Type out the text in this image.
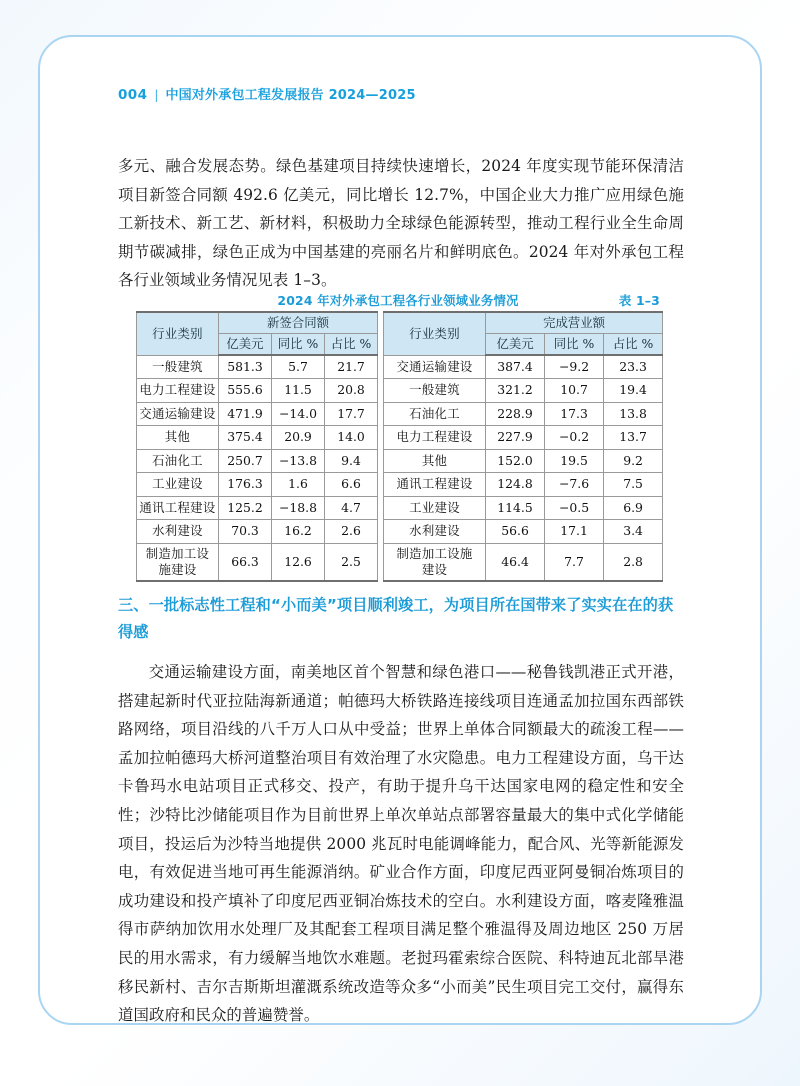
004 | 中国对外承包工程发展报告 2024—2025
多元、融合发展态势。绿色基建项目持续快速增长，2024 年度实现节能环保清洁项目新签合同额 492.6 亿美元，同比增长 12.7%，中国企业大力推广应用绿色施工新技术、新工艺、新材料，积极助力全球绿色能源转型，推动工程行业全生命周期节碳减排，绿色正成为中国基建的亮丽名片和鲜明底色。2024 年对外承包工程各行业领域业务情况见表 1–3。
2024 年对外承包工程各行业领域业务情况	表 1–3
行业类别	新签合同额		
	亿美元	同比 %	占比 %
一般建筑	581.3	5.7	21.7
电力工程建设	555.6	11.5	20.8
交通运输建设	471.9	−14.0	17.7
其他	375.4	20.9	14.0
石油化工	250.7	−13.8	9.4
工业建设	176.3	1.6	6.6
通讯工程建设	125.2	−18.8	4.7
水利建设	70.3	16.2	2.6
制造加工设
施建设	66.3	12.6	2.5
行业类别	完成营业额		
	亿美元	同比 %	占比 %
交通运输建设	387.4	−9.2	23.3
一般建筑	321.2	10.7	19.4
石油化工	228.9	17.3	13.8
电力工程建设	227.9	−0.2	13.7
其他	152.0	19.5	9.2
通讯工程建设	124.8	−7.6	7.5
工业建设	114.5	−0.5	6.9
水利建设	56.6	17.1	3.4
制造加工设施
建设	46.4	7.7	2.8
三、一批标志性工程和“小而美”项目顺利竣工，为项目所在国带来了实实在在的获得感
交通运输建设方面，南美地区首个智慧和绿色港口——秘鲁钱凯港正式开港，搭建起新时代亚拉陆海新通道；帕德玛大桥铁路连接线项目连通孟加拉国东西部铁路网络，项目沿线的八千万人口从中受益；世界上单体合同额最大的疏浚工程——孟加拉帕德玛大桥河道整治项目有效治理了水灾隐患。电力工程建设方面，乌干达卡鲁玛水电站项目正式移交、投产，有助于提升乌干达国家电网的稳定性和安全性；沙特比沙储能项目作为目前世界上单次单站点部署容量最大的集中式化学储能项目，投运后为沙特当地提供 2000 兆瓦时电能调峰能力，配合风、光等新能源发电，有效促进当地可再生能源消纳。矿业合作方面，印度尼西亚阿曼铜冶炼项目的成功建设和投产填补了印度尼西亚铜冶炼技术的空白。水利建设方面，喀麦隆雅温得市萨纳加饮用水处理厂及其配套工程项目满足整个雅温得及周边地区 250 万居民的用水需求，有力缓解当地饮水难题。老挝玛霍索综合医院、科特迪瓦北部旱港移民新村、吉尔吉斯斯坦灌溉系统改造等众多“小而美”民生项目完工交付，赢得东道国政府和民众的普遍赞誉。
